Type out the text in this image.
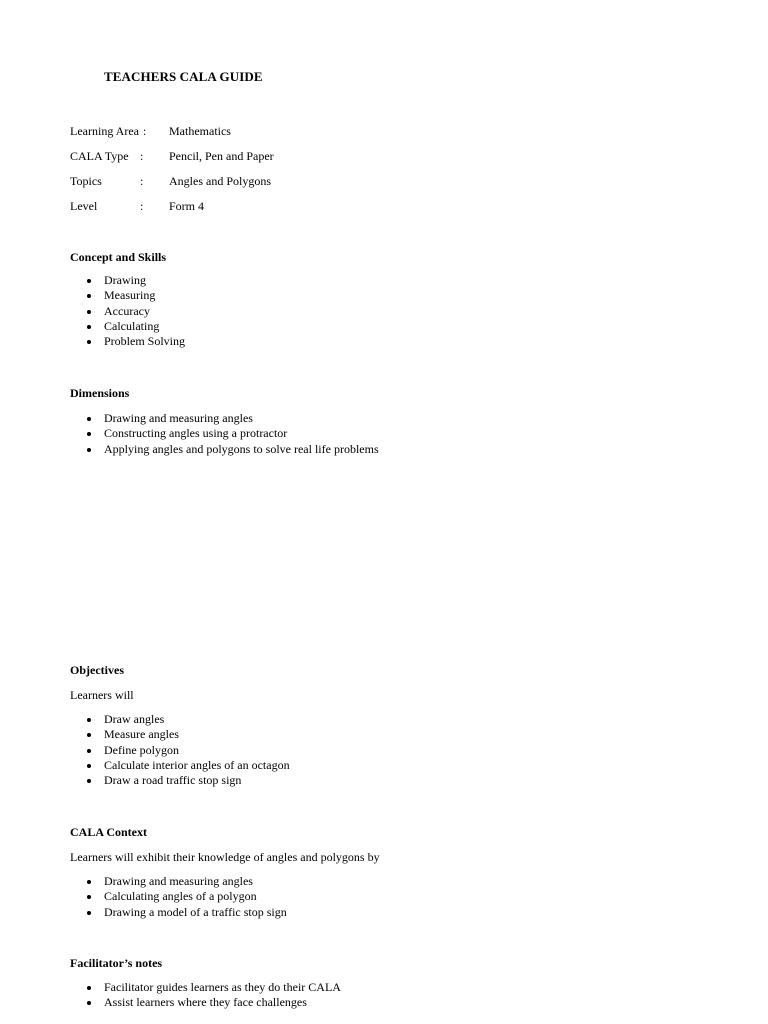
TEACHERS CALA GUIDE
Learning Area : Mathematics
CALA Type : Pencil, Pen and Paper
Topics	: Angles and Polygons
Level	: Form 4
Concept and Skills
Drawing
Measuring
Accuracy
Calculating
Problem Solving
Dimensions
Drawing and measuring angles
Constructing angles using a protractor
Applying angles and polygons to solve real life problems
Objectives
Learners will
Draw angles
Measure angles
Define polygon
Calculate interior angles of an octagon
Draw a road traffic stop sign
CALA Context
Learners will exhibit their knowledge of angles and polygons by
Drawing and measuring angles
Calculating angles of a polygon
Drawing a model of a traffic stop sign
Facilitator’s notes
Facilitator guides learners as they do their CALA
Assist learners where they face challenges
